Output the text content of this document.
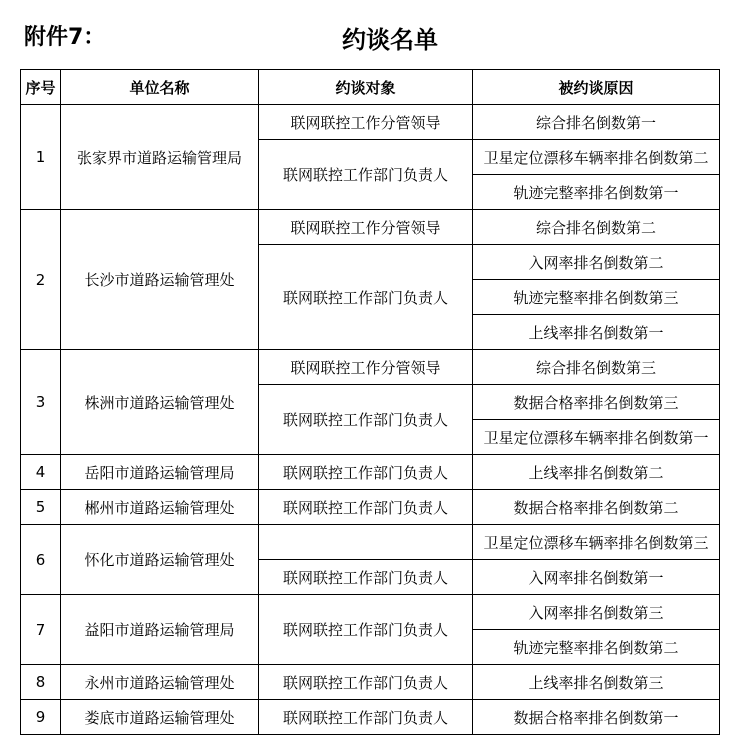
附件7：	约谈名单
序号	单位名称	约谈对象	被约谈原因
1	张家界市道路运输管理局	联网联控工作分管领导	综合排名倒数第一
		联网联控工作部门负责人	卫星定位漂移车辆率排名倒数第二
			轨迹完整率排名倒数第一
2	长沙市道路运输管理处	联网联控工作分管领导	综合排名倒数第二
		联网联控工作部门负责人	入网率排名倒数第二
			轨迹完整率排名倒数第三
			上线率排名倒数第一
3	株洲市道路运输管理处	联网联控工作分管领导	综合排名倒数第三
		联网联控工作部门负责人	数据合格率排名倒数第三
			卫星定位漂移车辆率排名倒数第一
4	岳阳市道路运输管理局	联网联控工作部门负责人	上线率排名倒数第二
5	郴州市道路运输管理处	联网联控工作部门负责人	数据合格率排名倒数第二
6	怀化市道路运输管理处		卫星定位漂移车辆率排名倒数第三
		联网联控工作部门负责人	入网率排名倒数第一
7	益阳市道路运输管理局	联网联控工作部门负责人	入网率排名倒数第三
			轨迹完整率排名倒数第二
8	永州市道路运输管理处	联网联控工作部门负责人	上线率排名倒数第三
9	娄底市道路运输管理处	联网联控工作部门负责人	数据合格率排名倒数第一
